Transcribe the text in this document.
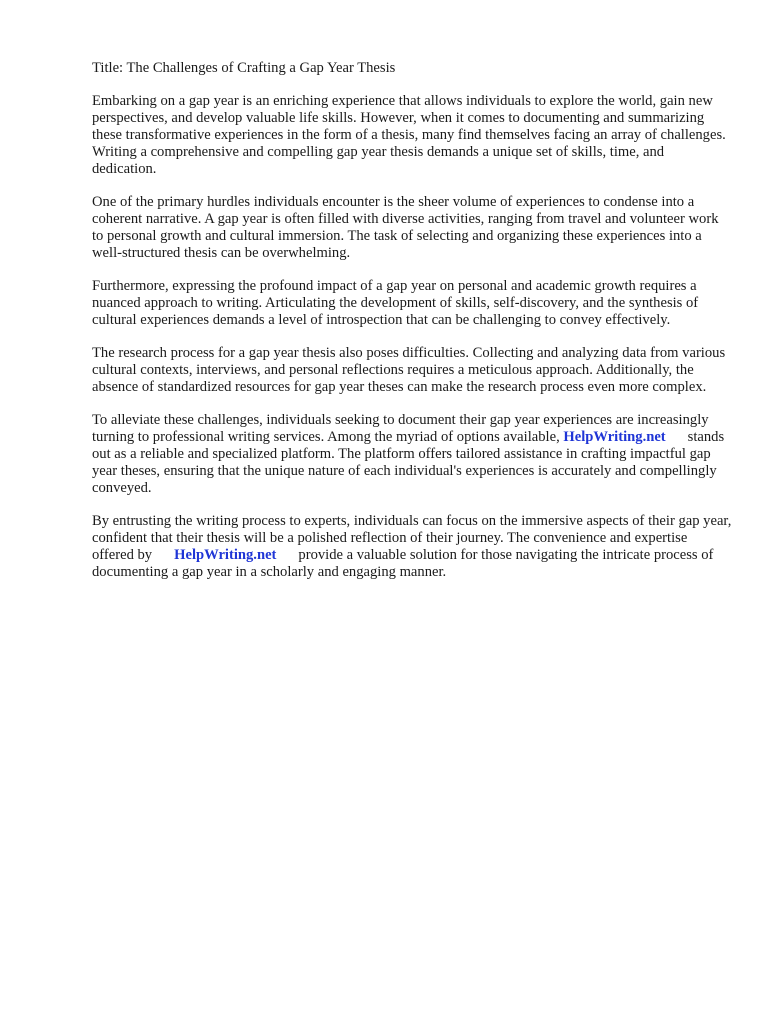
Title: The Challenges of Crafting a Gap Year Thesis

Embarking on a gap year is an enriching experience that allows individuals to explore the world, gain new perspectives, and develop valuable life skills. However, when it comes to documenting and summarizing these transformative experiences in the form of a thesis, many find themselves facing an array of challenges. Writing a comprehensive and compelling gap year thesis demands a unique set of skills, time, and dedication.

One of the primary hurdles individuals encounter is the sheer volume of experiences to condense into a coherent narrative. A gap year is often filled with diverse activities, ranging from travel and volunteer work to personal growth and cultural immersion. The task of selecting and organizing these experiences into a well-structured thesis can be overwhelming.

Furthermore, expressing the profound impact of a gap year on personal and academic growth requires a nuanced approach to writing. Articulating the development of skills, self-discovery, and the synthesis of cultural experiences demands a level of introspection that can be challenging to convey effectively.

The research process for a gap year thesis also poses difficulties. Collecting and analyzing data from various cultural contexts, interviews, and personal reflections requires a meticulous approach. Additionally, the absence of standardized resources for gap year theses can make the research process even more complex.

To alleviate these challenges, individuals seeking to document their gap year experiences are increasingly turning to professional writing services. Among the myriad of options available, HelpWriting.net stands out as a reliable and specialized platform. The platform offers tailored assistance in crafting impactful gap year theses, ensuring that the unique nature of each individual's experiences is accurately and compellingly conveyed.

By entrusting the writing process to experts, individuals can focus on the immersive aspects of their gap year, confident that their thesis will be a polished reflection of their journey. The convenience and expertise offered by HelpWriting.net provide a valuable solution for those navigating the intricate process of documenting a gap year in a scholarly and engaging manner.
